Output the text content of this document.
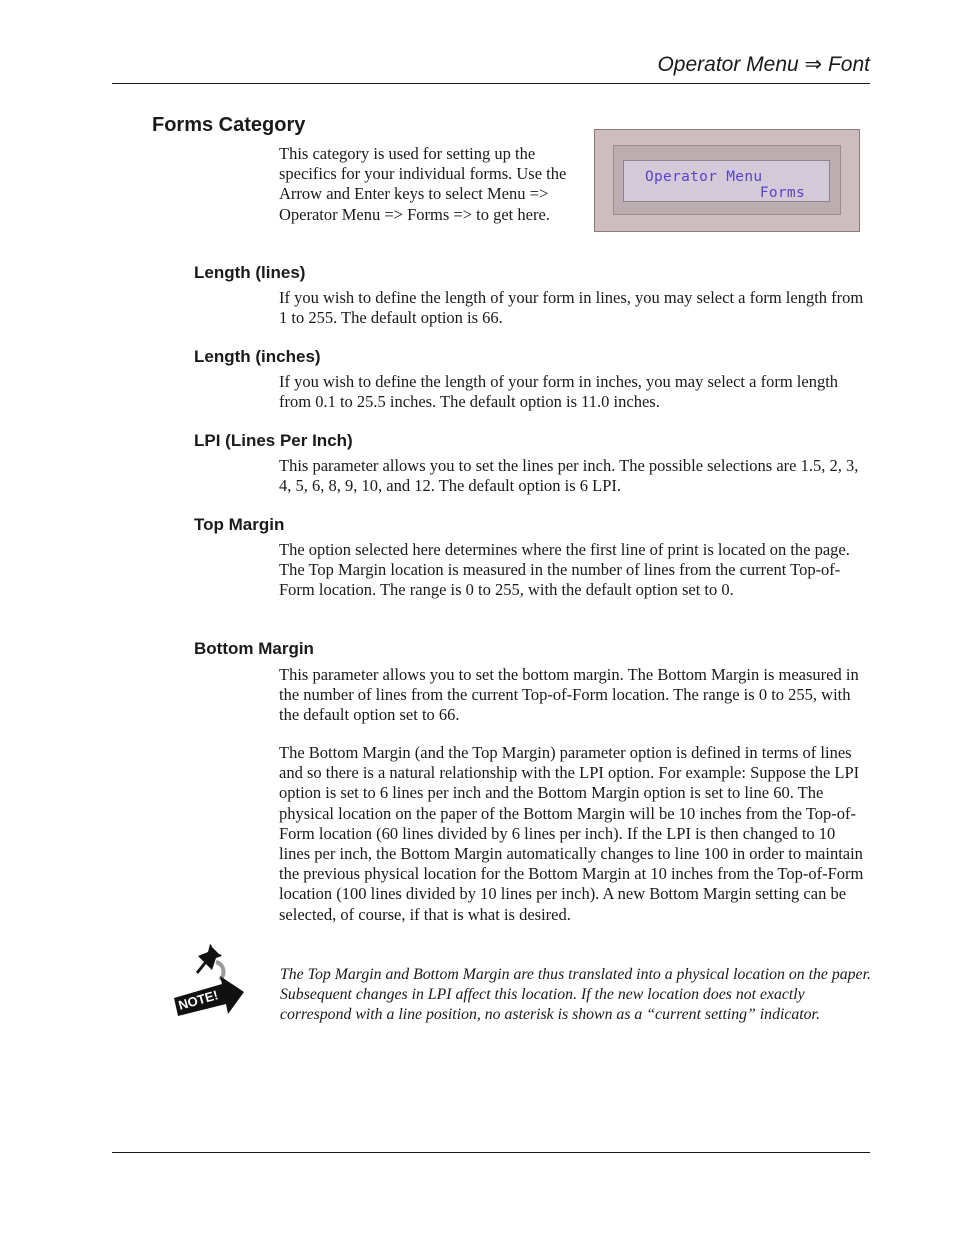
Operator Menu ⇒ Font
Forms Category

This category is used for setting up the specifics for your individual forms. Use the Arrow and Enter keys to select Menu => Operator Menu => Forms => to get here.

Operator Menu
Forms
Length (lines)

If you wish to define the length of your form in lines, you may select a form length from 1 to 255. The default option is 66.

Length (inches)

If you wish to define the length of your form in inches, you may select a form length from 0.1 to 25.5 inches. The default option is 11.0 inches.

LPI (Lines Per Inch)

This parameter allows you to set the lines per inch. The possible selections are 1.5, 2, 3, 4, 5, 6, 8, 9, 10, and 12. The default option is 6 LPI.

Top Margin

The option selected here determines where the first line of print is located on the page. The Top Margin location is measured in the number of lines from the current Top-of-Form location. The range is 0 to 255, with the default option set to 0.

Bottom Margin

This parameter allows you to set the bottom margin. The Bottom Margin is measured in the number of lines from the current Top-of-Form location. The range is 0 to 255, with the default option set to 66.

The Bottom Margin (and the Top Margin) parameter option is defined in terms of lines and so there is a natural relationship with the LPI option. For example: Suppose the LPI option is set to 6 lines per inch and the Bottom Margin option is set to line 60. The physical location on the paper of the Bottom Margin will be 10 inches from the Top-of-Form location (60 lines divided by 6 lines per inch). If the LPI is then changed to 10 lines per inch, the Bottom Margin automatically changes to line 100 in order to maintain the previous physical location for the Bottom Margin at 10 inches from the Top-of-Form location (100 lines divided by 10 lines per inch). A new Bottom Margin setting can be selected, of course, if that is what is desired.

NOTE!

The Top Margin and Bottom Margin are thus translated into a physical location on the paper. Subsequent changes in LPI affect this location. If the new location does not exactly correspond with a line position, no asterisk is shown as a “current setting” indicator.
